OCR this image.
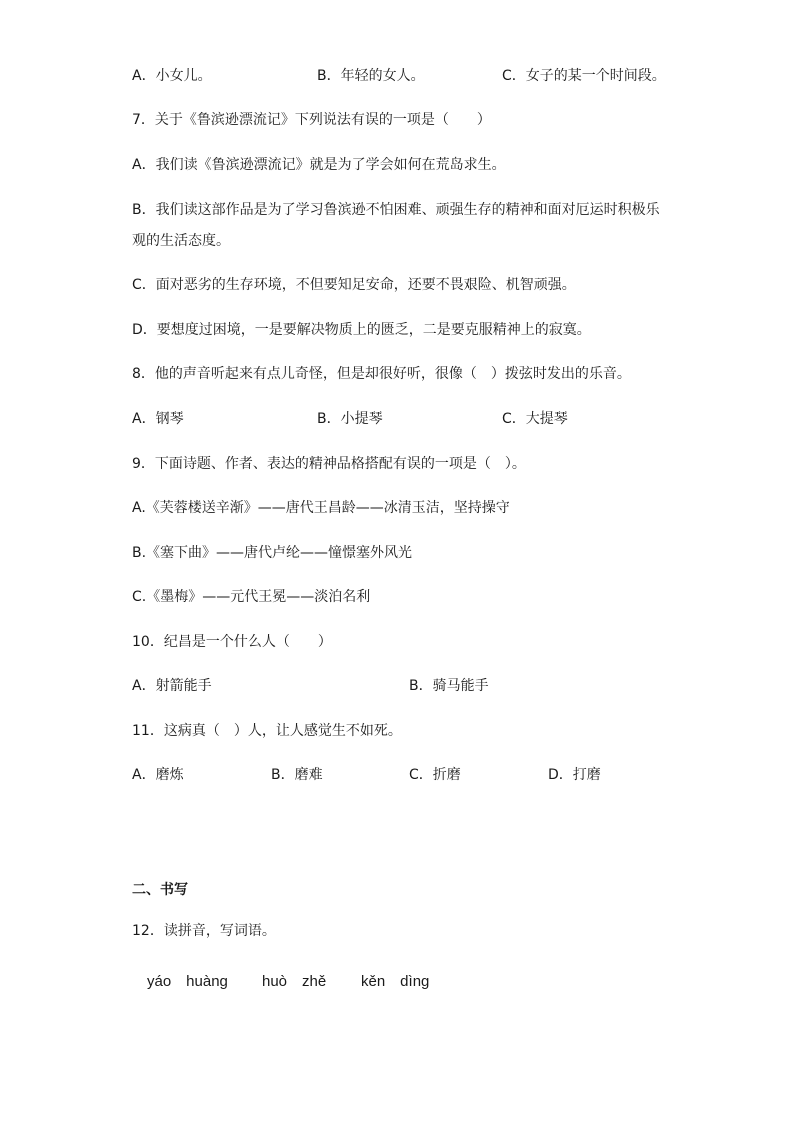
A．小女儿。	B．年轻的女人。	C．女子的某一个时间段。
7．关于《鲁滨逊漂流记》下列说法有误的一项是（　　）
A．我们读《鲁滨逊漂流记》就是为了学会如何在荒岛求生。
B．我们读这部作品是为了学习鲁滨逊不怕困难、顽强生存的精神和面对厄运时积极乐
观的生活态度。
C．面对恶劣的生存环境，不但要知足安命，还要不畏艰险、机智顽强。
D．要想度过困境，一是要解决物质上的匮乏，二是要克服精神上的寂寞。
8．他的声音听起来有点儿奇怪，但是却很好听，很像（　）拨弦时发出的乐音。
A．钢琴	B．小提琴	C．大提琴
9．下面诗题、作者、表达的精神品格搭配有误的一项是（　）。
A.《芙蓉楼送辛渐》——唐代王昌龄——冰清玉洁，坚持操守
B.《塞下曲》——唐代卢纶——憧憬塞外风光
C.《墨梅》——元代王冕——淡泊名利
10．纪昌是一个什么人（　　）
A．射箭能手	B．骑马能手
11．这病真（　）人，让人感觉生不如死。
A．磨炼	B．磨难	C．折磨	D．打磨
二、书写
12．读拼音，写词语。
yáo　huàng huò　zhě kěn　dìng
